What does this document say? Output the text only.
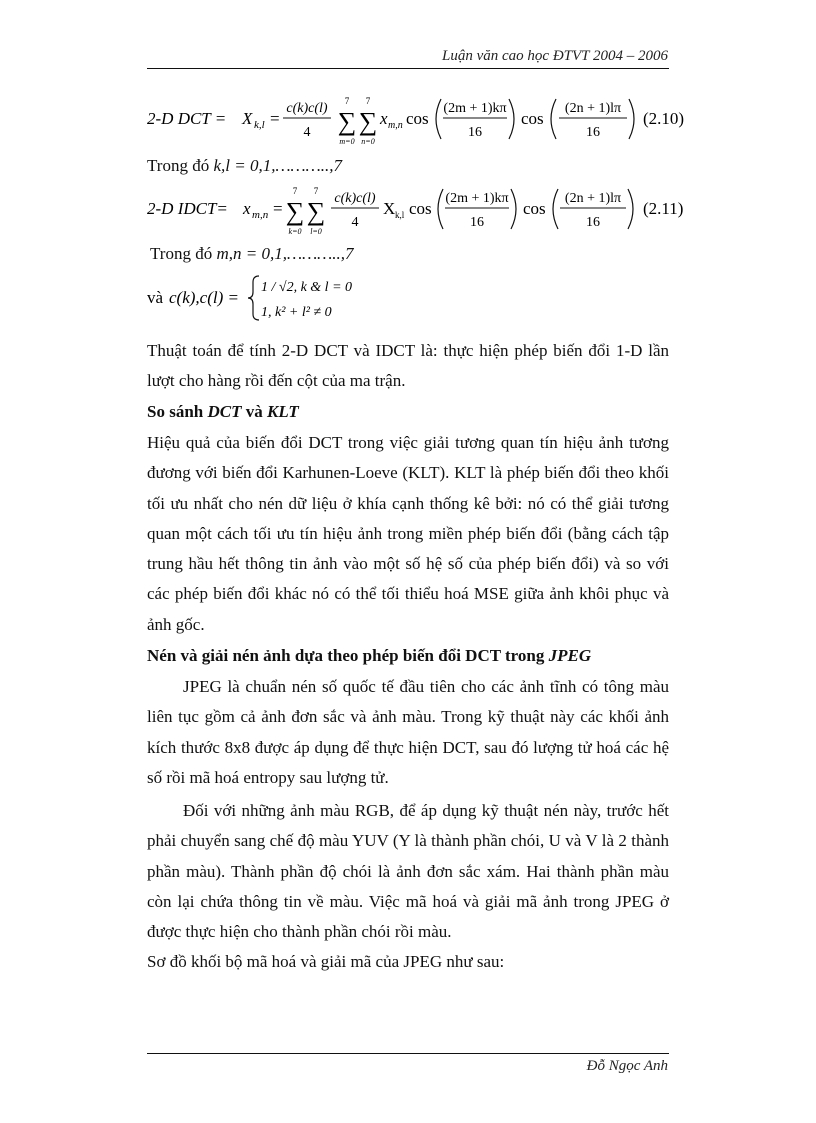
Luận văn cao học ĐTVT 2004 – 2006
2-D DCT = X k,l =
c(k)c(l)
4
7
∑
m=0
7
∑
n=0
x m,n cos
(2m + 1)kπ
16
cos
(2n + 1)lπ
16
(2.10)
Trong đó k,l = 0,1,………..,7
2-D IDCT= x m,n =
7
∑
k=0
7
∑
l=0
c(k)c(l)
4
X k,l cos
(2m + 1)kπ
16
cos
(2n + 1)lπ
16
(2.11)
Trong đó m,n = 0,1,………..,7
và c(k),c(l) =
1 / √2, k & l = 0
1, k² + l² ≠ 0
Thuật toán để tính 2-D DCT và IDCT là: thực hiện phép biến đổi 1-D lần lượt cho hàng rồi đến cột của ma trận.
So sánh DCT và KLT
Hiệu quả của biến đổi DCT trong việc giải tương quan tín hiệu ảnh tương đương với biến đổi Karhunen-Loeve (KLT). KLT là phép biến đổi theo khối tối ưu nhất cho nén dữ liệu ở khía cạnh thống kê bởi: nó có thể giải tương quan một cách tối ưu tín hiệu ảnh trong miền phép biến đổi (bằng cách tập trung hầu hết thông tin ảnh vào một số hệ số của phép biến đổi) và so với các phép biến đổi khác nó có thể tối thiểu hoá MSE giữa ảnh khôi phục và ảnh gốc.
Nén và giải nén ảnh dựa theo phép biến đổi DCT trong JPEG
JPEG là chuẩn nén số quốc tế đầu tiên cho các ảnh tĩnh có tông màu liên tục gồm cả ảnh đơn sắc và ảnh màu. Trong kỹ thuật này các khối ảnh kích thước 8x8 được áp dụng để thực hiện DCT, sau đó lượng tử hoá các hệ số rồi mã hoá entropy sau lượng tử.
Đối với những ảnh màu RGB, để áp dụng kỹ thuật nén này, trước hết phải chuyển sang chế độ màu YUV (Y là thành phần chói, U và V là 2 thành phần màu). Thành phần độ chói là ảnh đơn sắc xám. Hai thành phần màu còn lại chứa thông tin về màu. Việc mã hoá và giải mã ảnh trong JPEG ở được thực hiện cho thành phần chói rồi màu.
Sơ đồ khối bộ mã hoá và giải mã của JPEG như sau:
Đỗ Ngọc Anh
